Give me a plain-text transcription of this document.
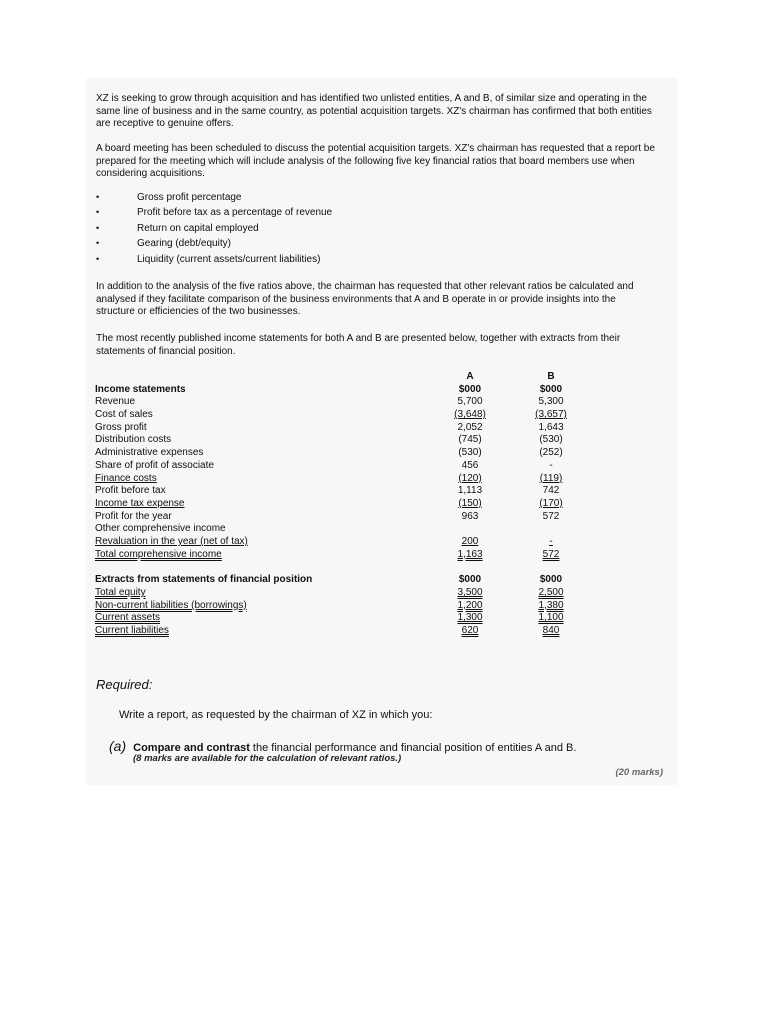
XZ is seeking to grow through acquisition and has identified two unlisted entities, A and B, of similar size and operating in the same line of business and in the same country, as potential acquisition targets. XZ's chairman has confirmed that both entities are receptive to genuine offers.

A board meeting has been scheduled to discuss the potential acquisition targets. XZ's chairman has requested that a report be prepared for the meeting which will include analysis of the following five key financial ratios that board members use when considering acquisitions.

•	Gross profit percentage
•	Profit before tax as a percentage of revenue
•	Return on capital employed
•	Gearing (debt/equity)
•	Liquidity (current assets/current liabilities)

In addition to the analysis of the five ratios above, the chairman has requested that other relevant ratios be calculated and analysed if they facilitate comparison of the business environments that A and B operate in or provide insights into the structure or efficiencies of the two businesses.

The most recently published income statements for both A and B are presented below, together with extracts from their statements of financial position.

A	B
Income statements	$000	$000
Revenue	5,700	5,300
Cost of sales	(3,648)	(3,657)
Gross profit	2,052	1,643
Distribution costs	(745)	(530)
Administrative expenses	(530)	(252)
Share of profit of associate	456	-
Finance costs	(120)	(119)
Profit before tax	1,113	742
Income tax expense	(150)	(170)
Profit for the year	963	572
Other comprehensive income
Revaluation in the year (net of tax)	200	-
Total comprehensive income	1,163	572
Extracts from statements of financial position	$000	$000
Total equity	3,500	2,500
Non-current liabilities (borrowings)	1,200	1,380
Current assets	1,300	1,100
Current liabilities	620	840

Required:

Write a report, as requested by the chairman of XZ in which you:

(a) Compare and contrast the financial performance and financial position of entities A and B.

(8 marks are available for the calculation of relevant ratios.)

(20 marks)
